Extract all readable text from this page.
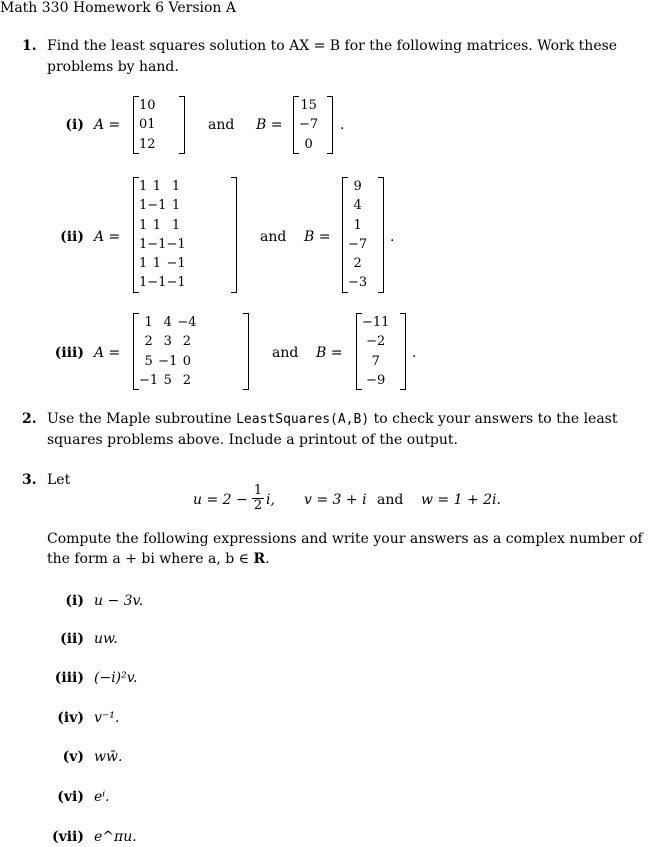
Math 330 Homework 6 Version A
1. Find the least squares solution to AX = B for the following matrices. Work these
problems by hand.
(i) A =
1	0
0	1
1	2
and B =
15
−7
0
.
(ii) A =
1	1	1
1	−1	1
1	1	1
1	−1	−1
1	1	−1
1	−1	−1
and B =
9
4
1
−7
2
−3
.
(iii) A =
1	4	−4
2	3	2
5	−1	0
−1	5	2
and B =
−11
−2
7
−9
.
2. Use the Maple subroutine LeastSquares(A,B) to check your answers to the least
squares problems above. Include a printout of the output.
3. Let
$u = 2 - \frac{1}{2} i$, v = 3 + i and w = 1 + 2i.
Compute the following expressions and write your answers as a complex number of
the form a + bi where a, b ∈ R.
(i) u − 3v.
(ii) uw.
(iii) (−i)²v.
(iv) v⁻¹.
(v) ww̄.
(vi) eⁱ.
(vii) e^πu.
